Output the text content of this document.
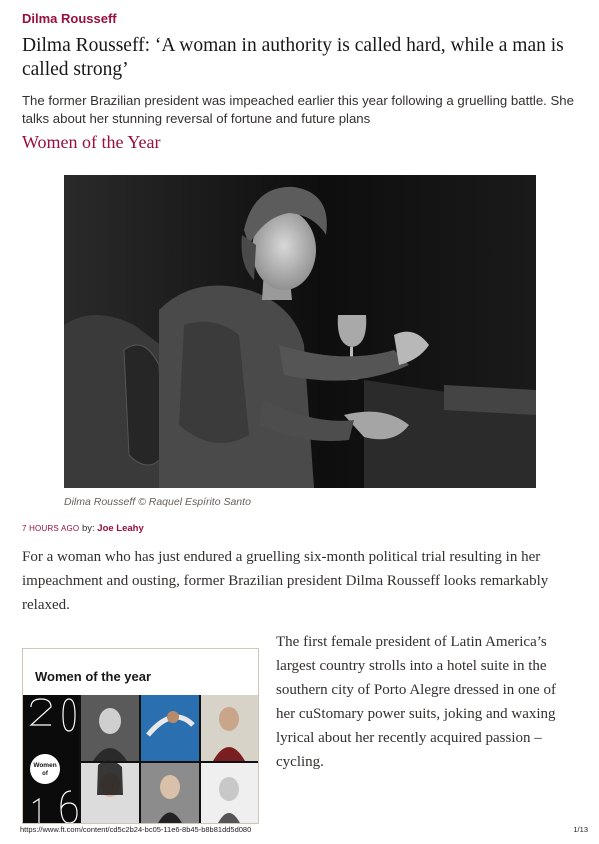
Dilma Rousseff
Dilma Rousseff: ‘A woman in authority is called hard, while a man is called strong’

The former Brazilian president was impeached earlier this year following a gruelling battle. She talks about her stunning reversal of fortune and future plans

Women of the Year
Dilma Rousseff © Raquel Espírito Santo
7 HOURS AGO by: Joe Leahy

For a woman who has just endured a gruelling six-month political trial resulting in her impeachment and ousting, former Brazilian president Dilma Rousseff looks remarkably relaxed.

Women of the year
Women
of

The first female president of Latin America’s largest country strolls into a hotel suite in the southern city of Porto Alegre dressed in one of her cuStomary power suits, joking and waxing lyrical about her recently acquired passion – cycling.

https://www.ft.com/content/cd5c2b24-bc05-11e6-8b45-b8b81dd5d080	1/13
